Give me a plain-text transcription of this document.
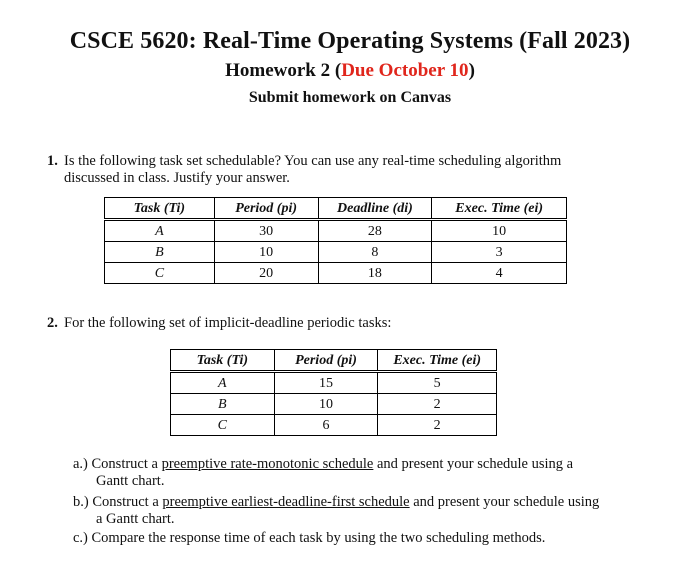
CSCE 5620: Real-Time Operating Systems (Fall 2023)
Homework 2 (Due October 10)
Submit homework on Canvas
1. Is the following task set schedulable? You can use any real-time scheduling algorithm
discussed in class. Justify your answer.
Task (Ti)	Period (pi)	Deadline (di)	Exec. Time (ei)
A	30	28	10
B	10	8	3
C	20	18	4
2. For the following set of implicit-deadline periodic tasks:
Task (Ti)	Period (pi)	Exec. Time (ei)
A	15	5
B	10	2
C	6	2
a.) Construct a preemptive rate-monotonic schedule and present your schedule using a
Gantt chart.
b.) Construct a preemptive earliest-deadline-first schedule and present your schedule using
a Gantt chart.
c.) Compare the response time of each task by using the two scheduling methods.
